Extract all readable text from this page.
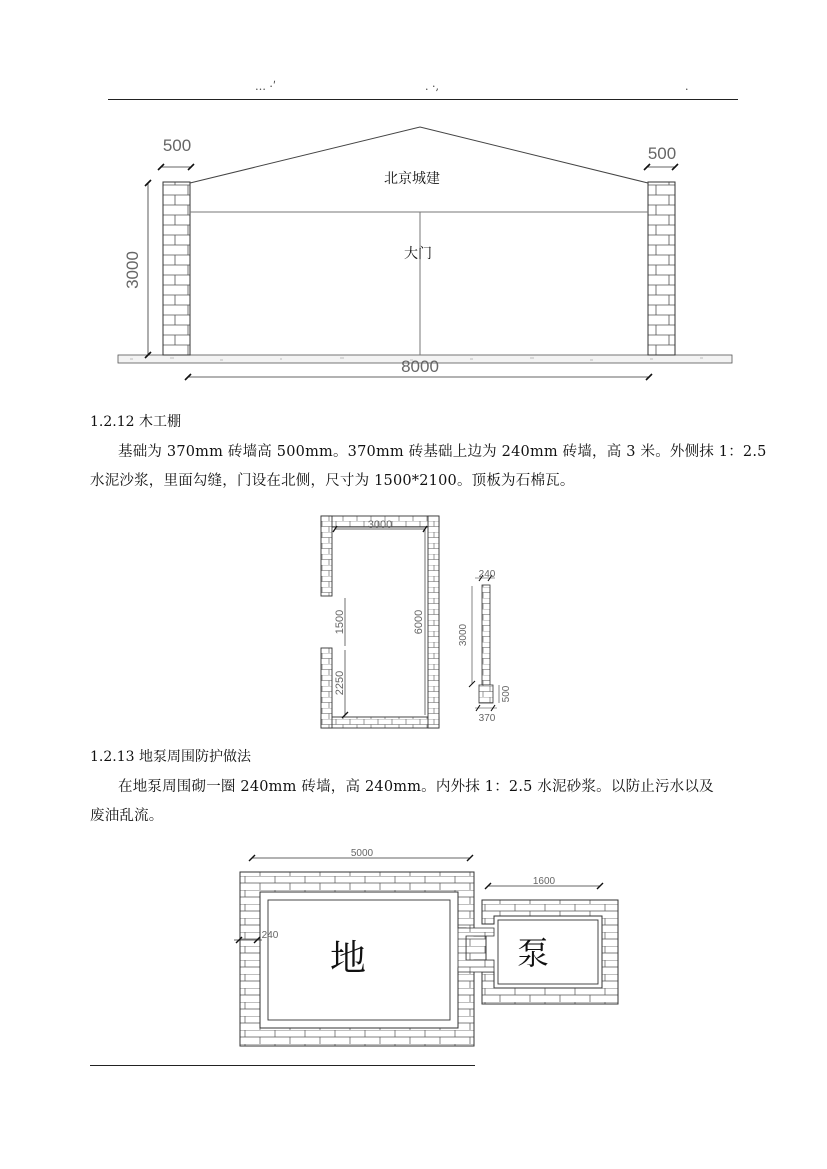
‥. ·ʹ	. ·,	.
北京城建
大门
500	500
3000
8000
1.2.12 木工棚
基础为 370mm 砖墙高 500mm。370mm 砖基础上边为 240mm 砖墙，高 3 米。外侧抹 1：2.5
水泥沙浆，里面勾缝，门设在北侧，尺寸为 1500*2100。顶板为石棉瓦。
3000
6000
1500
2250
240
3000
500
370
1.2.13 地泵周围防护做法
在地泵周围砌一圈 240mm 砖墙，高 240mm。内外抹 1：2.5 水泥砂浆。以防止污水以及
废油乱流。
地	泵
5000
1600
240
